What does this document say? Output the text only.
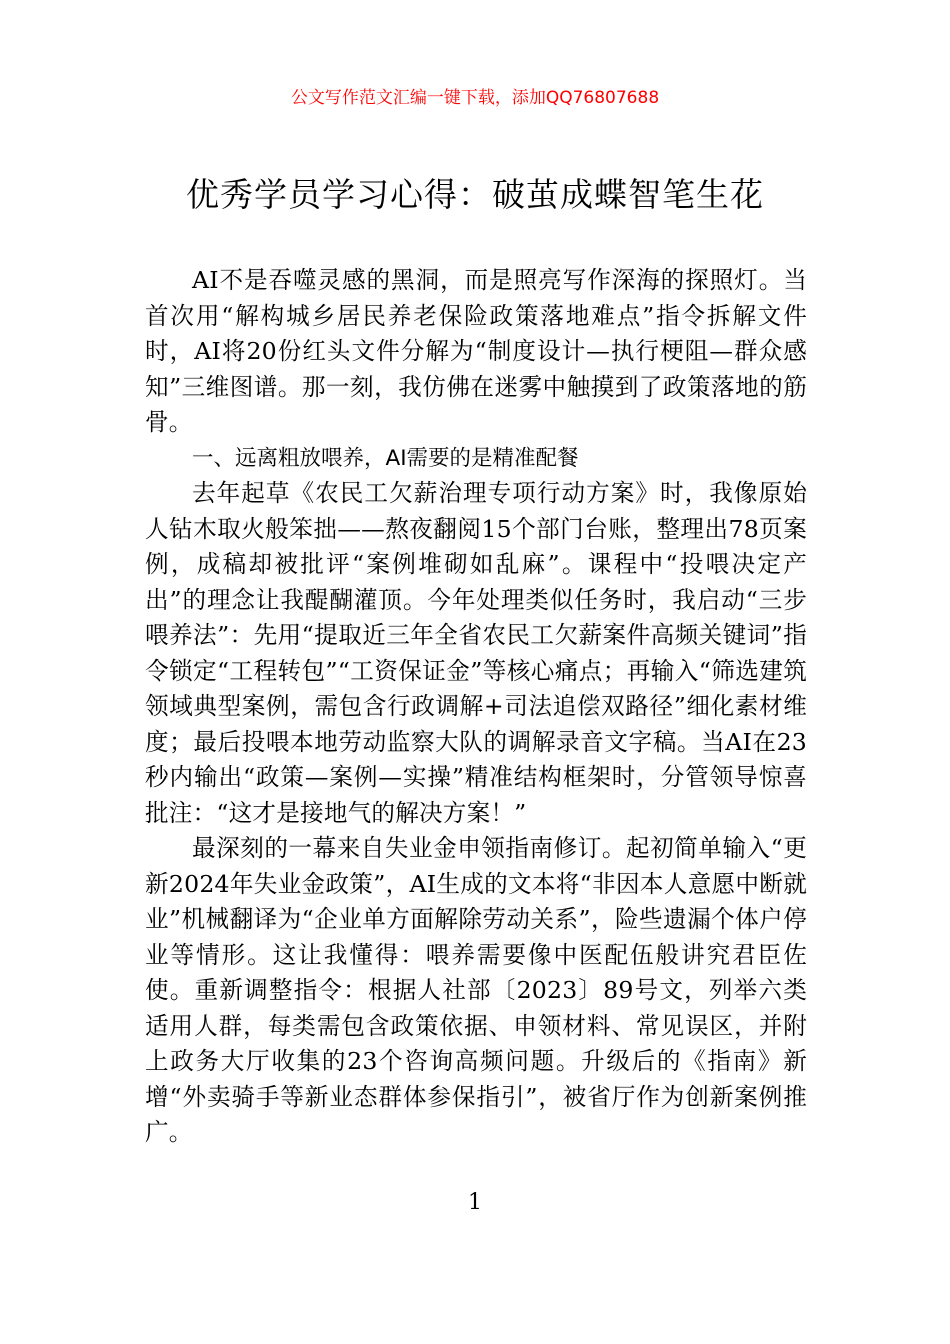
公文写作范文汇编一键下载，添加QQ76807688
优秀学员学习心得：破茧成蝶智笔生花

AI不是吞噬灵感的黑洞，而是照亮写作深海的探照灯。当首次用“解构城乡居民养老保险政策落地难点”指令拆解文件时，AI将20份红头文件分解为“制度设计—执行梗阻—群众感知”三维图谱。那一刻，我仿佛在迷雾中触摸到了政策落地的筋骨。

一、远离粗放喂养，AI需要的是精准配餐

去年起草《农民工欠薪治理专项行动方案》时，我像原始人钻木取火般笨拙——熬夜翻阅15个部门台账，整理出78页案例，成稿却被批评“案例堆砌如乱麻”。课程中“投喂决定产出”的理念让我醍醐灌顶。今年处理类似任务时，我启动“三步喂养法”：先用“提取近三年全省农民工欠薪案件高频关键词”指令锁定“工程转包”“工资保证金”等核心痛点；再输入“筛选建筑领域典型案例，需包含行政调解+司法追偿双路径”细化素材维度；最后投喂本地劳动监察大队的调解录音文字稿。当AI在23秒内输出“政策—案例—实操”精准结构框架时，分管领导惊喜批注：“这才是接地气的解决方案！”

最深刻的一幕来自失业金申领指南修订。起初简单输入“更新2024年失业金政策”，AI生成的文本将“非因本人意愿中断就业”机械翻译为“企业单方面解除劳动关系”，险些遗漏个体户停业等情形。这让我懂得：喂养需要像中医配伍般讲究君臣佐使。重新调整指令：根据人社部〔2023〕89号文，列举六类适用人群，每类需包含政策依据、申领材料、常见误区，并附上政务大厅收集的23个咨询高频问题。升级后的《指南》新增“外卖骑手等新业态群体参保指引”，被省厅作为创新案例推广。

1
